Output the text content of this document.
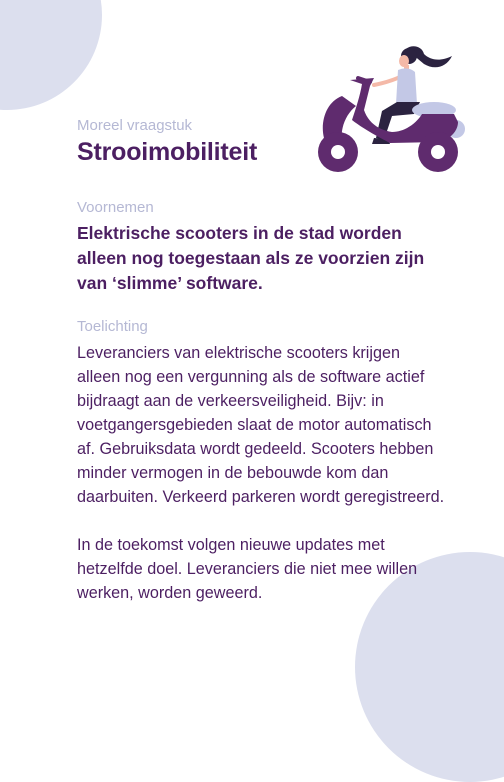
Moreel vraagstuk
Strooimobiliteit
Voornemen

Elektrische scooters in de stad worden alleen nog toegestaan als ze voorzien zijn van ‘slimme’ software.

Toelichting

Leveranciers van elektrische scooters krijgen alleen nog een vergunning als de software actief bijdraagt aan de verkeersveiligheid. Bijv: in voetgangersgebieden slaat de motor automatisch af. Gebruiksdata wordt gedeeld. Scooters hebben minder vermogen in de bebouwde kom dan daarbuiten. Verkeerd parkeren wordt geregistreerd.

In de toekomst volgen nieuwe updates met hetzelfde doel. Leveranciers die niet mee willen werken, worden geweerd.
